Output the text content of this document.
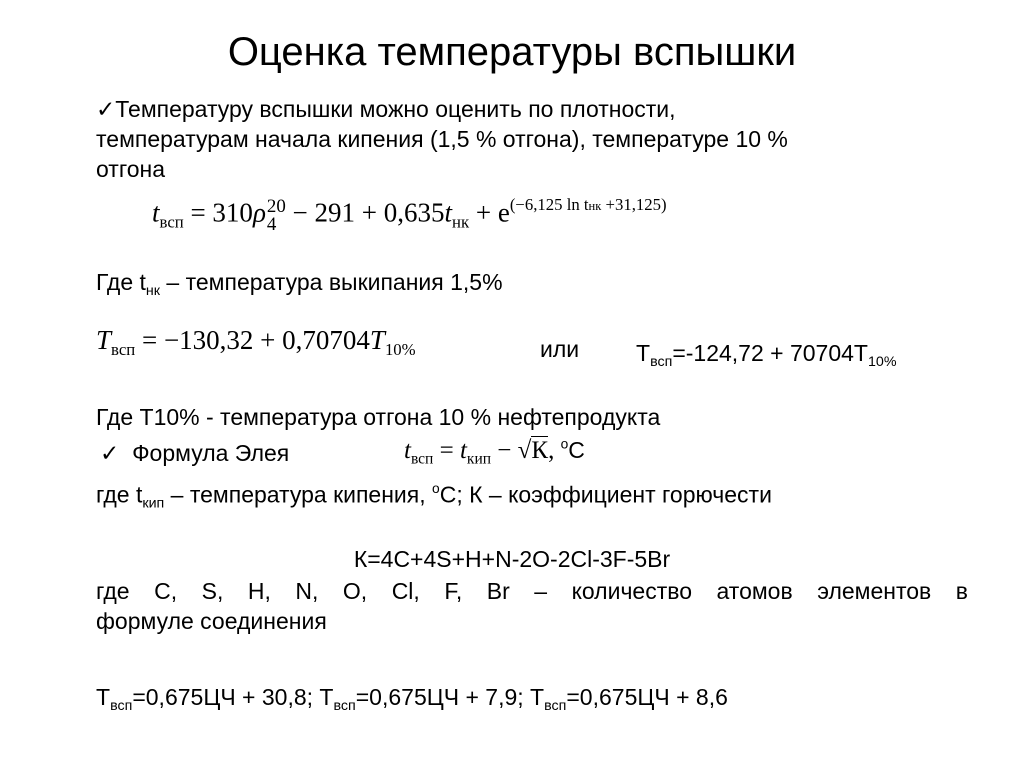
Оценка температуры вспышки
✓Температуру вспышки можно оценить по плотности,
температурам начала кипения (1,5 % отгона), температуре 10 %
отгона
$t_{всп} = 310\rho$ 20
$4 - 291 + 0,635t_{нк} + e^{(-6,125 ln tнк +31,125)}$
Где $t_{нк}$ – температура выкипания 1,5%
$T_{всп} = -130,32 + 0,70704T_{10\%}$	или $T_{всп}=-124,72 + 70704T_{10\%}$
Где T10% - температура отгона 10 % нефтепродукта
✓ Формула Элея	$t_{всп} = t_{кип} - √К$, $^o$С
где $t_{кип}$ – температура кипения, $^o$С; К – коэффициент горючести
К=4С+4S+H+N-2O-2Cl-3F-5Br
где C, S, H, N, O, Cl, F, Br – количество атомов элементов в
формуле соединения
$T_{всп}=0,675ЦЧ + 30,8$; $T_{всп}=0,675ЦЧ + 7,9$; $T_{всп}=0,675ЦЧ + 8,6$
